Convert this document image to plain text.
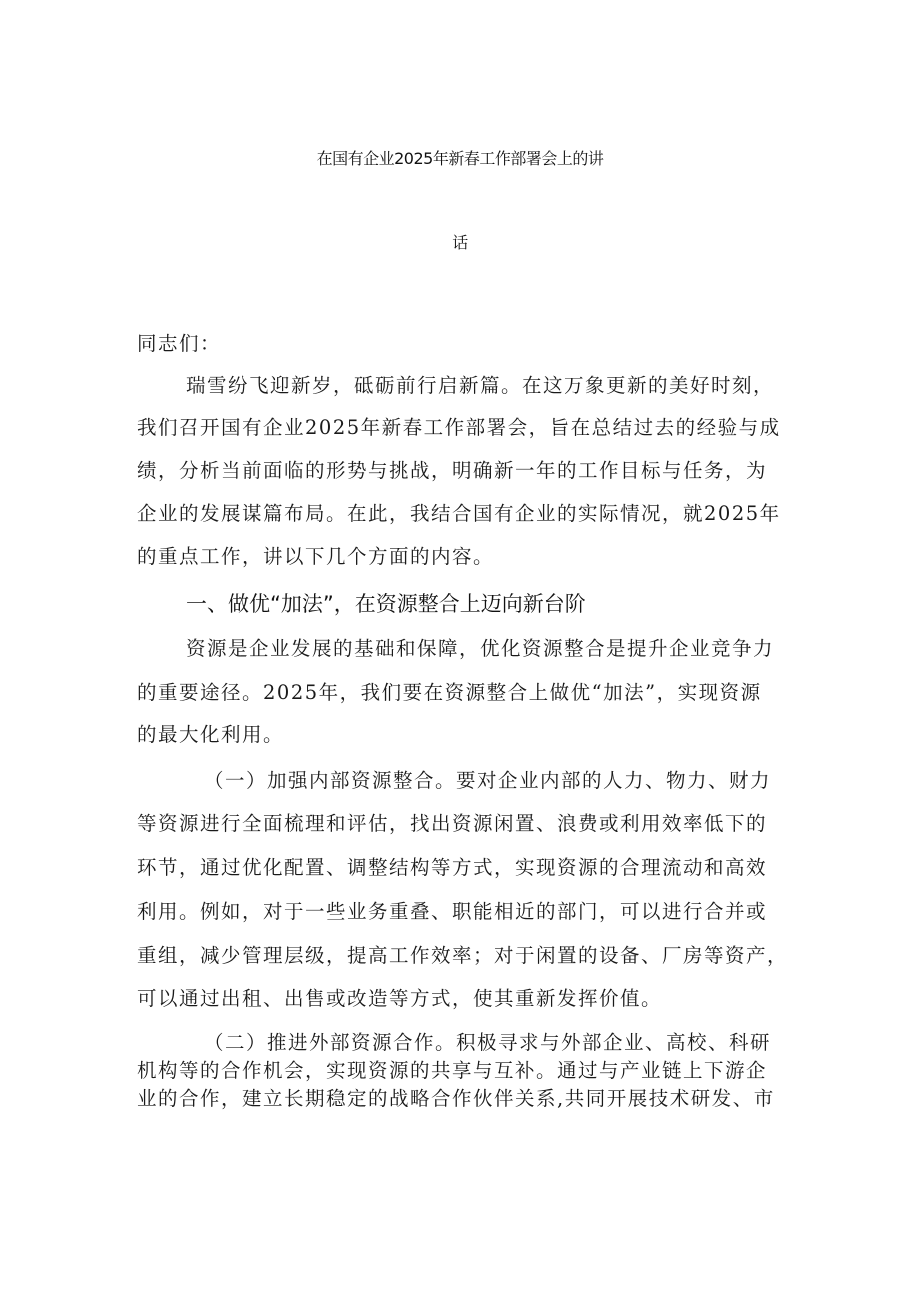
在国有企业2025年新春工作部署会上的讲
话
同志们：
瑞雪纷飞迎新岁，砥砺前行启新篇。在这万象更新的美好时刻，
我们召开国有企业2025年新春工作部署会，旨在总结过去的经验与成
绩，分析当前面临的形势与挑战，明确新一年的工作目标与任务，为
企业的发展谋篇布局。在此，我结合国有企业的实际情况，就2025年
的重点工作，讲以下几个方面的内容。
一、做优“加法”，在资源整合上迈向新台阶
资源是企业发展的基础和保障，优化资源整合是提升企业竞争力
的重要途径。2025年，我们要在资源整合上做优“加法”，实现资源
的最大化利用。
（一）加强内部资源整合。要对企业内部的人力、物力、财力
等资源进行全面梳理和评估，找出资源闲置、浪费或利用效率低下的
环节，通过优化配置、调整结构等方式，实现资源的合理流动和高效
利用。例如，对于一些业务重叠、职能相近的部门，可以进行合并或
重组，减少管理层级，提高工作效率；对于闲置的设备、厂房等资产，
可以通过出租、出售或改造等方式，使其重新发挥价值。
（二）推进外部资源合作。积极寻求与外部企业、高校、科研
机构等的合作机会，实现资源的共享与互补。通过与产业链上下游企
业的合作，建立长期稳定的战略合作伙伴关系,共同开展技术研发、市
